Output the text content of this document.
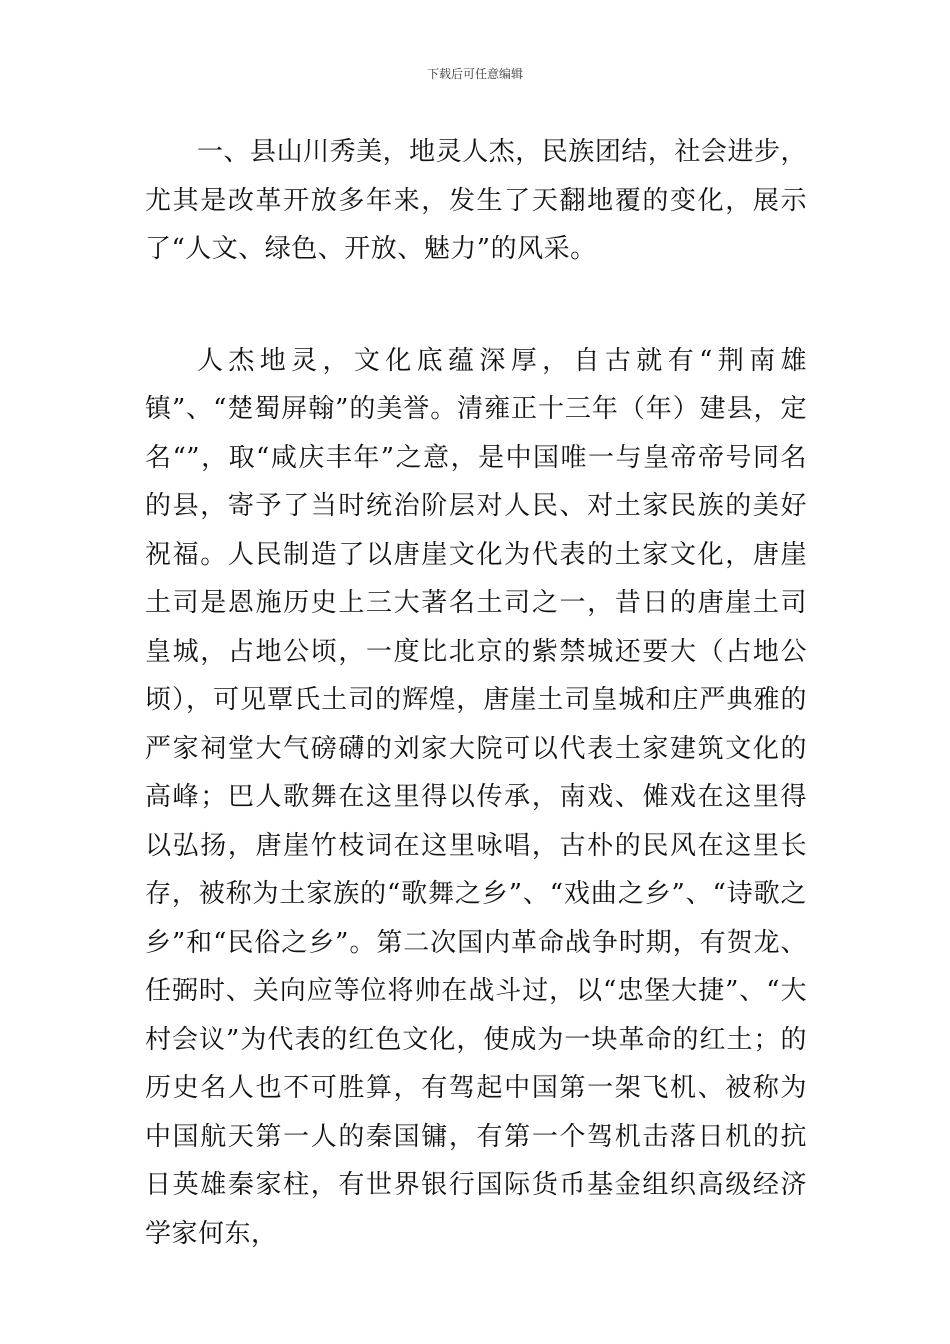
下载后可任意编辑

一、县山川秀美，地灵人杰，民族团结，社会进步，尤其是改革开放多年来，发生了天翻地覆的变化，展示了“人文、绿色、开放、魅力”的风采。

人杰地灵，文化底蕴深厚，自古就有“荆南雄镇”、“楚蜀屏翰”的美誉。清雍正十三年（年）建县，定名“”，取“咸庆丰年”之意，是中国唯一与皇帝帝号同名的县，寄予了当时统治阶层对人民、对土家民族的美好祝福。人民制造了以唐崖文化为代表的土家文化，唐崖土司是恩施历史上三大著名土司之一，昔日的唐崖土司皇城，占地公顷，一度比北京的紫禁城还要大（占地公顷），可见覃氏土司的辉煌，唐崖土司皇城和庄严典雅的严家祠堂大气磅礴的刘家大院可以代表土家建筑文化的高峰；巴人歌舞在这里得以传承，南戏、傩戏在这里得以弘扬，唐崖竹枝词在这里咏唱，古朴的民风在这里长存，被称为土家族的“歌舞之乡”、“戏曲之乡”、“诗歌之乡”和“民俗之乡”。第二次国内革命战争时期，有贺龙、任弼时、关向应等位将帅在战斗过，以“忠堡大捷”、“大村会议”为代表的红色文化，使成为一块革命的红土；的历史名人也不可胜算，有驾起中国第一架飞机、被称为中国航天第一人的秦国镛，有第一个驾机击落日机的抗日英雄秦家柱，有世界银行国际货币基金组织高级经济学家何东，
